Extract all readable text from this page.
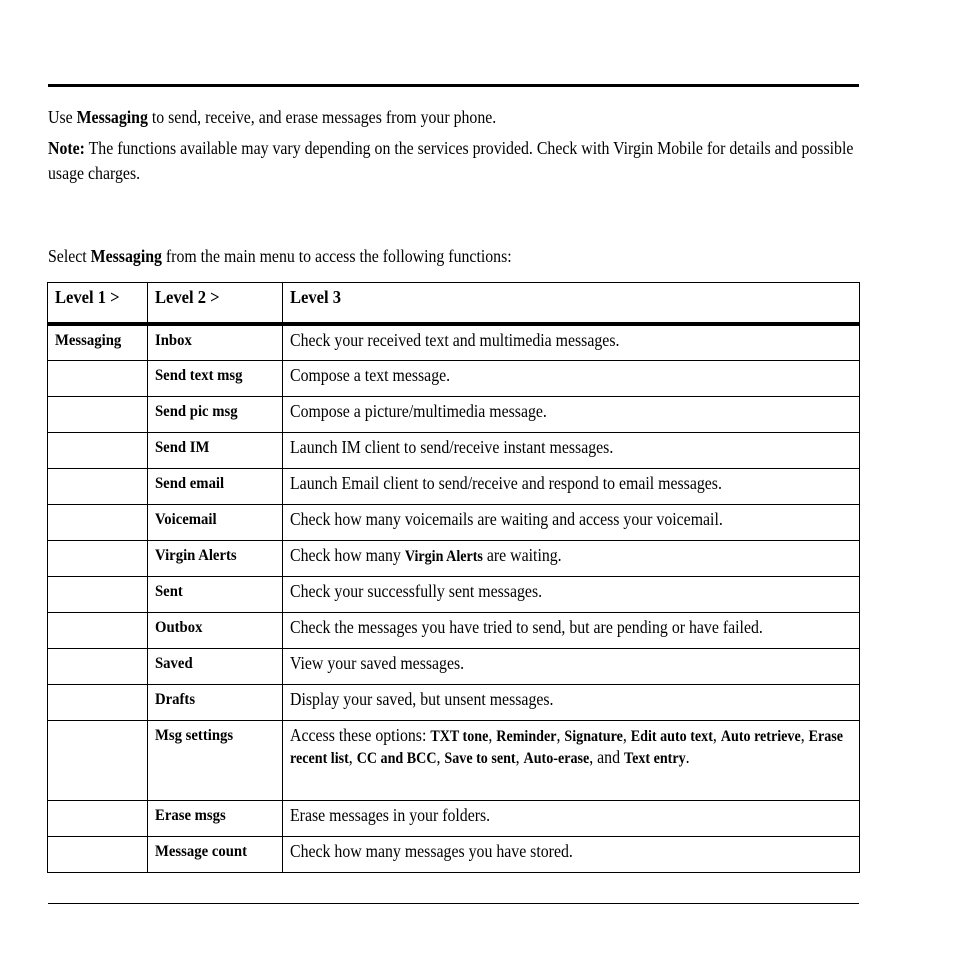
Use Messaging to send, receive, and erase messages from your phone.
Note: The functions available may vary depending on the services provided. Check with Virgin Mobile for details and possible usage charges.
Select Messaging from the main menu to access the following functions:
Level 1 >	Level 2 >	Level 3
Messaging	Inbox	Check your received text and multimedia messages.
	Send text msg	Compose a text message.
	Send pic msg	Compose a picture/multimedia message.
	Send IM	Launch IM client to send/receive instant messages.
	Send email	Launch Email client to send/receive and respond to email messages.
	Voicemail	Check how many voicemails are waiting and access your voicemail.
	Virgin Alerts	Check how many Virgin Alerts are waiting.
	Sent	Check your successfully sent messages.
	Outbox	Check the messages you have tried to send, but are pending or have failed.
	Saved	View your saved messages.
	Drafts	Display your saved, but unsent messages.
	Msg settings	Access these options: TXT tone, Reminder, Signature, Edit auto text, Auto retrieve, Erase recent list, CC and BCC, Save to sent, Auto-erase, and Text entry.

	Erase msgs	Erase messages in your folders.
	Message count	Check how many messages you have stored.
